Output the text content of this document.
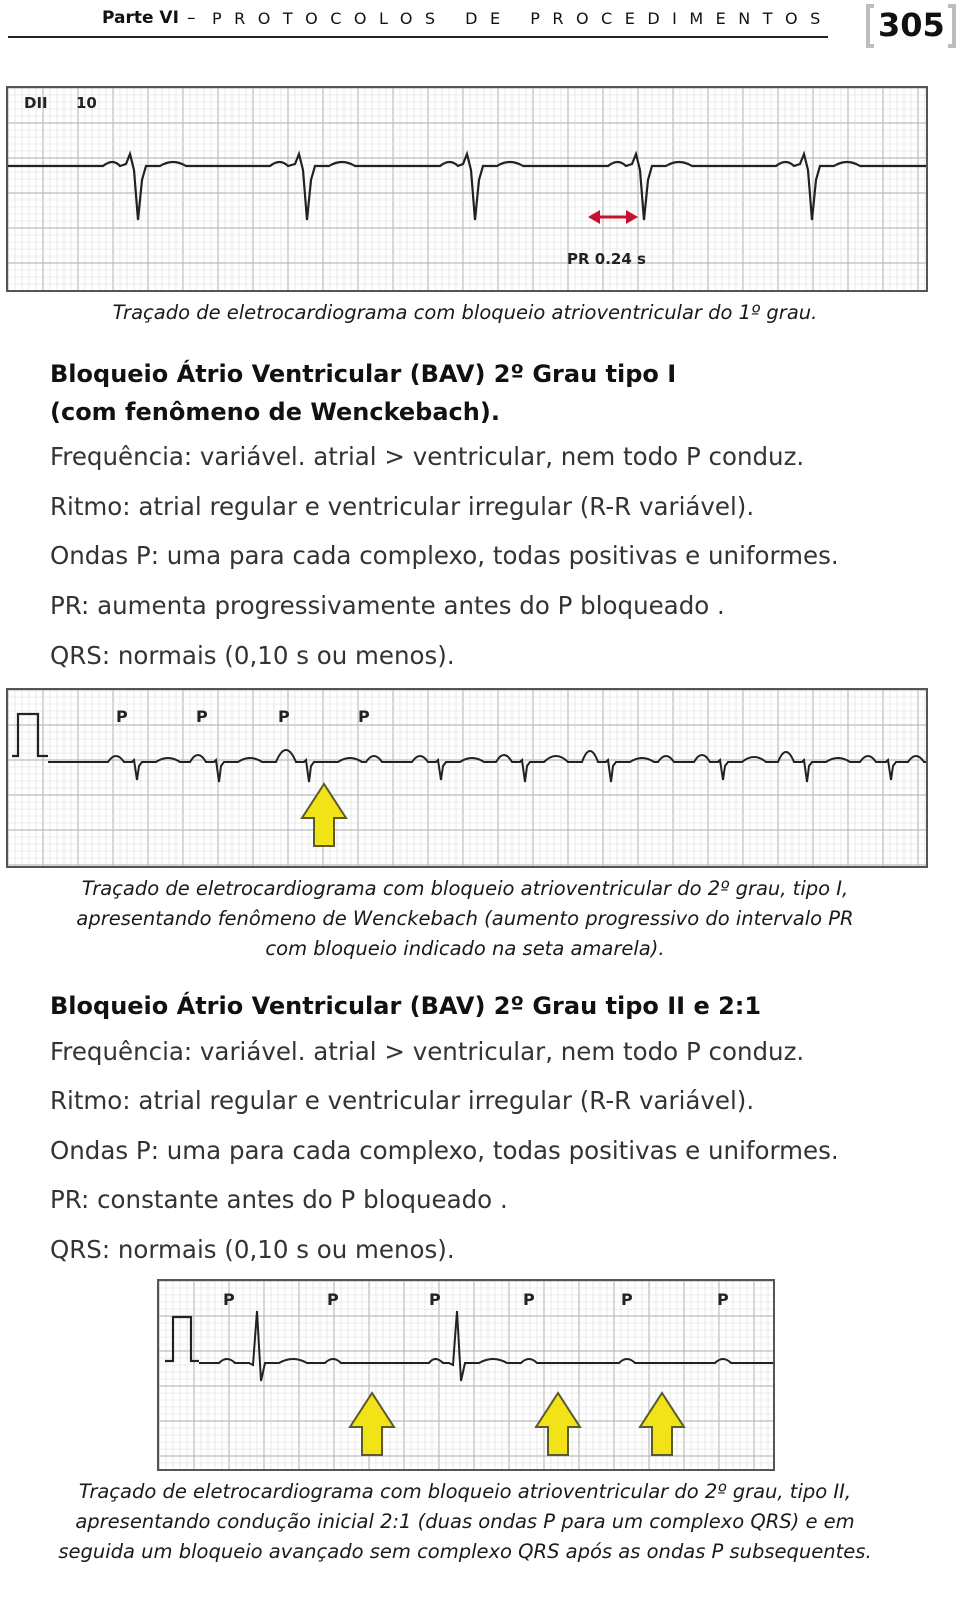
Parte VI – PROTOCOLOS DE PROCEDIMENTOS 305
DII 10
PR 0.24 s
Traçado de eletrocardiograma com bloqueio atrioventricular do 1º grau.
Bloqueio Átrio Ventricular (BAV) 2º Grau tipo I
(com fenômeno de Wenckebach).
Frequência: variável. atrial > ventricular, nem todo P conduz.
Ritmo: atrial regular e ventricular irregular (R-R variável).
Ondas P: uma para cada complexo, todas positivas e uniformes.
PR: aumenta progressivamente antes do P bloqueado .
QRS: normais (0,10 s ou menos).
P	P	P	P
Traçado de eletrocardiograma com bloqueio atrioventricular do 2º grau, tipo I,
apresentando fenômeno de Wenckebach (aumento progressivo do intervalo PR
com bloqueio indicado na seta amarela).
Bloqueio Átrio Ventricular (BAV) 2º Grau tipo II e 2:1
Frequência: variável. atrial > ventricular, nem todo P conduz.
Ritmo: atrial regular e ventricular irregular (R-R variável).
Ondas P: uma para cada complexo, todas positivas e uniformes.
PR: constante antes do P bloqueado .
QRS: normais (0,10 s ou menos).
P	P	P	P	P	P
Traçado de eletrocardiograma com bloqueio atrioventricular do 2º grau, tipo II,
apresentando condução inicial 2:1 (duas ondas P para um complexo QRS) e em
seguida um bloqueio avançado sem complexo QRS após as ondas P subsequentes.
